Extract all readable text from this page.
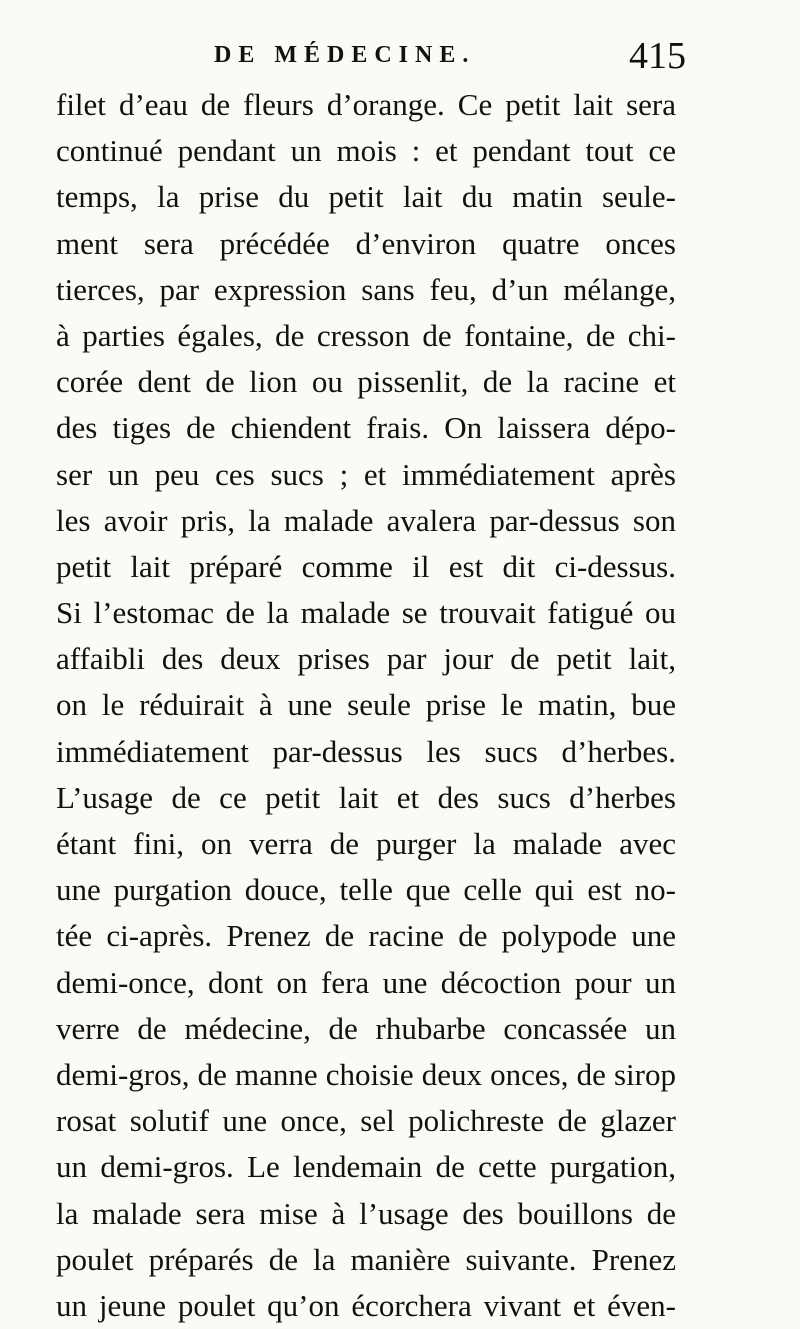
DE MÉDECINE.	415
filet d’eau de fleurs d’orange. Ce petit lait sera
continué pendant un mois : et pendant tout ce
temps, la prise du petit lait du matin seule-
ment sera précédée d’environ quatre onces
tierces, par expression sans feu, d’un mélange,
à parties égales, de cresson de fontaine, de chi-
corée dent de lion ou pissenlit, de la racine et
des tiges de chiendent frais. On laissera dépo-
ser un peu ces sucs ; et immédiatement après
les avoir pris, la malade avalera par-dessus son
petit lait préparé comme il est dit ci-dessus.
Si l’estomac de la malade se trouvait fatigué ou
affaibli des deux prises par jour de petit lait,
on le réduirait à une seule prise le matin, bue
immédiatement par-dessus les sucs d’herbes.
L’usage de ce petit lait et des sucs d’herbes
étant fini, on verra de purger la malade avec
une purgation douce, telle que celle qui est no-
tée ci-après. Prenez de racine de polypode une
demi-once, dont on fera une décoction pour un
verre de médecine, de rhubarbe concassée un
demi-gros, de manne choisie deux onces, de sirop
rosat solutif une once, sel polichreste de glazer
un demi-gros. Le lendemain de cette purgation,
la malade sera mise à l’usage des bouillons de
poulet préparés de la manière suivante. Prenez
un jeune poulet qu’on écorchera vivant et éven-
